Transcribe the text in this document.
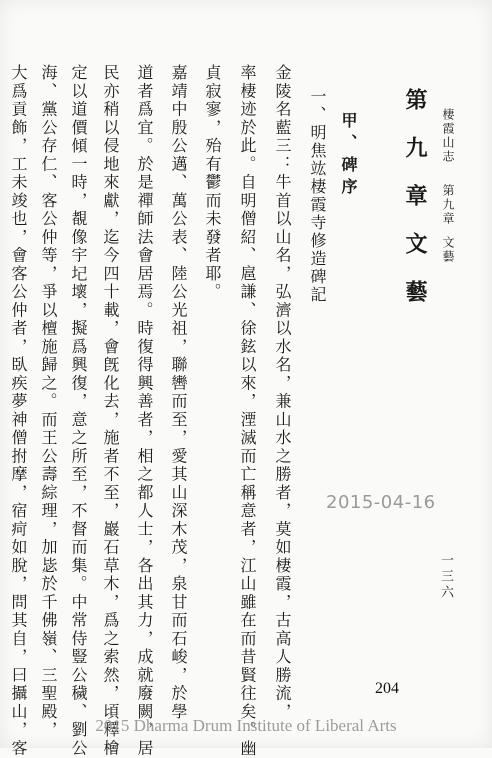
棲霞山志第九章文藝
第九章文藝
甲、碑序
一、明焦竑棲霞寺修造碑記
金陵名藍三：牛首以山名，弘濟以水名，兼山水之勝者，莫如棲霞，古高人勝流，
率棲迹於此。自明僧紹、扈謙、徐鉉以來，湮滅而亡稱意者，江山雖在而昔賢往矣。幽
貞寂寥，殆有鬱而未發者耶。
嘉靖中殷公邁、萬公表、陸公光祖，聯轡而至，愛其山深木茂，泉甘而石峻，於學
道者爲宜。於是禪師法會居焉。時復得興善者，相之都人士，各出其力，成就廢闕，居
民亦稍以侵地來獻，迄今四十載，會旣化去，施者不至，巖石草木，爲之索然，頃釋檜
定以道價傾一時，覩像宇圮壞，擬爲興復，意之所至，不督而集。中常侍豎公穢、劉公
海、黨公存仁、客公仲等，爭以檀施歸之。而王公壽綜理，加毖於千佛嶺、三聖殿，
大爲貢飾，工未竣也，會客公仲者，臥疾夢神僧拊摩，宿疴如脫，問其自，曰攝山，客	一三六
2015-04-16
204
2015 Dharma Drum Institute of Liberal Arts
